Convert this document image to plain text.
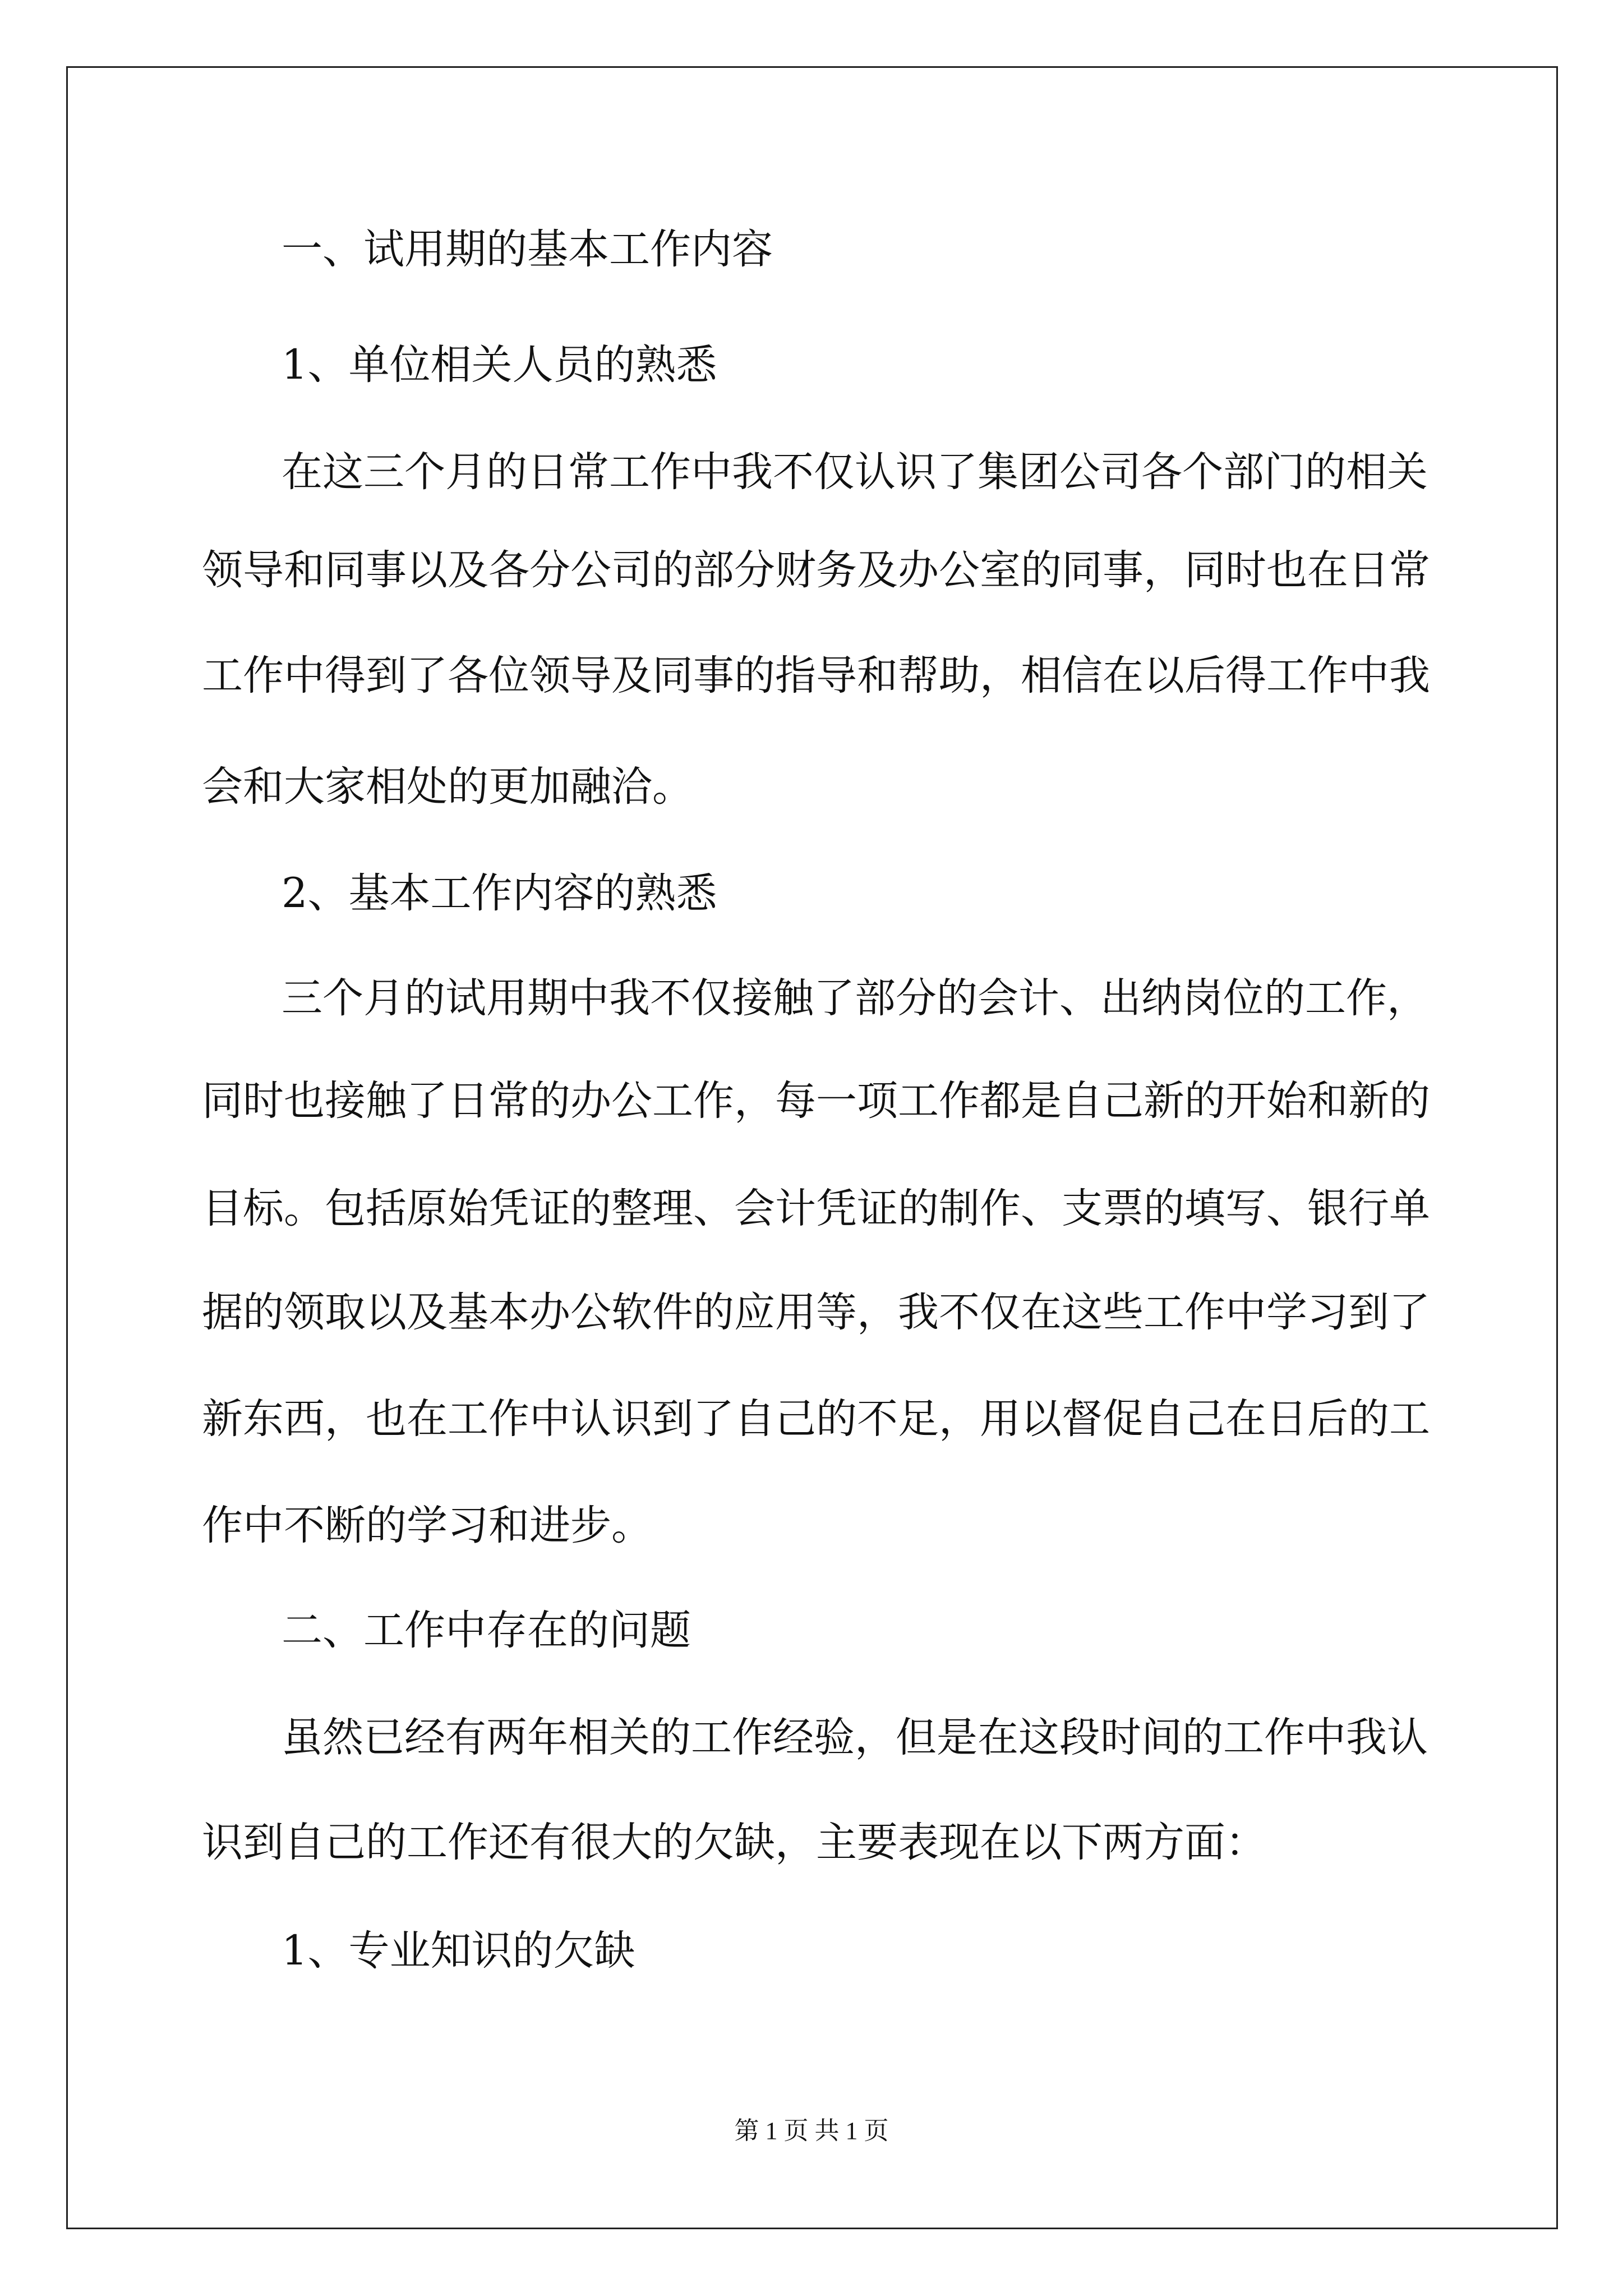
一、试用期的基本工作内容
1、单位相关人员的熟悉
在这三个月的日常工作中我不仅认识了集团公司各个部门的相关
领导和同事以及各分公司的部分财务及办公室的同事，同时也在日常
工作中得到了各位领导及同事的指导和帮助，相信在以后得工作中我
会和大家相处的更加融洽。
2、基本工作内容的熟悉
三个月的试用期中我不仅接触了部分的会计、出纳岗位的工作，
同时也接触了日常的办公工作，每一项工作都是自己新的开始和新的
目标。包括原始凭证的整理、会计凭证的制作、支票的填写、银行单
据的领取以及基本办公软件的应用等，我不仅在这些工作中学习到了
新东西，也在工作中认识到了自己的不足，用以督促自己在日后的工
作中不断的学习和进步。
二、工作中存在的问题
虽然已经有两年相关的工作经验，但是在这段时间的工作中我认
识到自己的工作还有很大的欠缺，主要表现在以下两方面：
1、专业知识的欠缺
第 1 页 共 1 页
